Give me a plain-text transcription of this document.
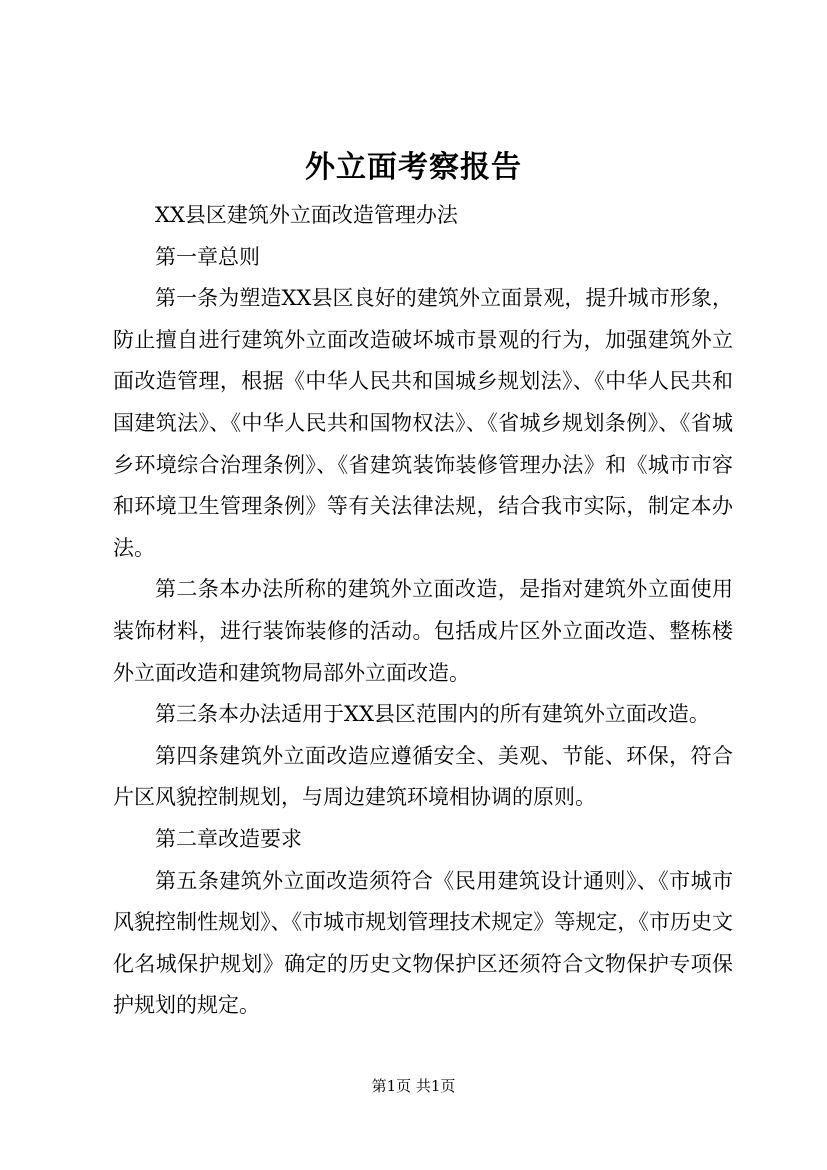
外立面考察报告

XX县区建筑外立面改造管理办法

第一章总则

第一条为塑造XX县区良好的建筑外立面景观，提升城市形象，防止擅自进行建筑外立面改造破坏城市景观的行为，加强建筑外立面改造管理，根据《中华人民共和国城乡规划法》、《中华人民共和国建筑法》、《中华人民共和国物权法》、《省城乡规划条例》、《省城乡环境综合治理条例》、《省建筑装饰装修管理办法》和《城市市容和环境卫生管理条例》等有关法律法规，结合我市实际，制定本办法。

第二条本办法所称的建筑外立面改造，是指对建筑外立面使用装饰材料，进行装饰装修的活动。包括成片区外立面改造、整栋楼外立面改造和建筑物局部外立面改造。

第三条本办法适用于XX县区范围内的所有建筑外立面改造。

第四条建筑外立面改造应遵循安全、美观、节能、环保，符合片区风貌控制规划，与周边建筑环境相协调的原则。

第二章改造要求

第五条建筑外立面改造须符合《民用建筑设计通则》、《市城市风貌控制性规划》、《市城市规划管理技术规定》等规定，《市历史文化名城保护规划》确定的历史文物保护区还须符合文物保护专项保护规划的规定。

第1页 共1页
